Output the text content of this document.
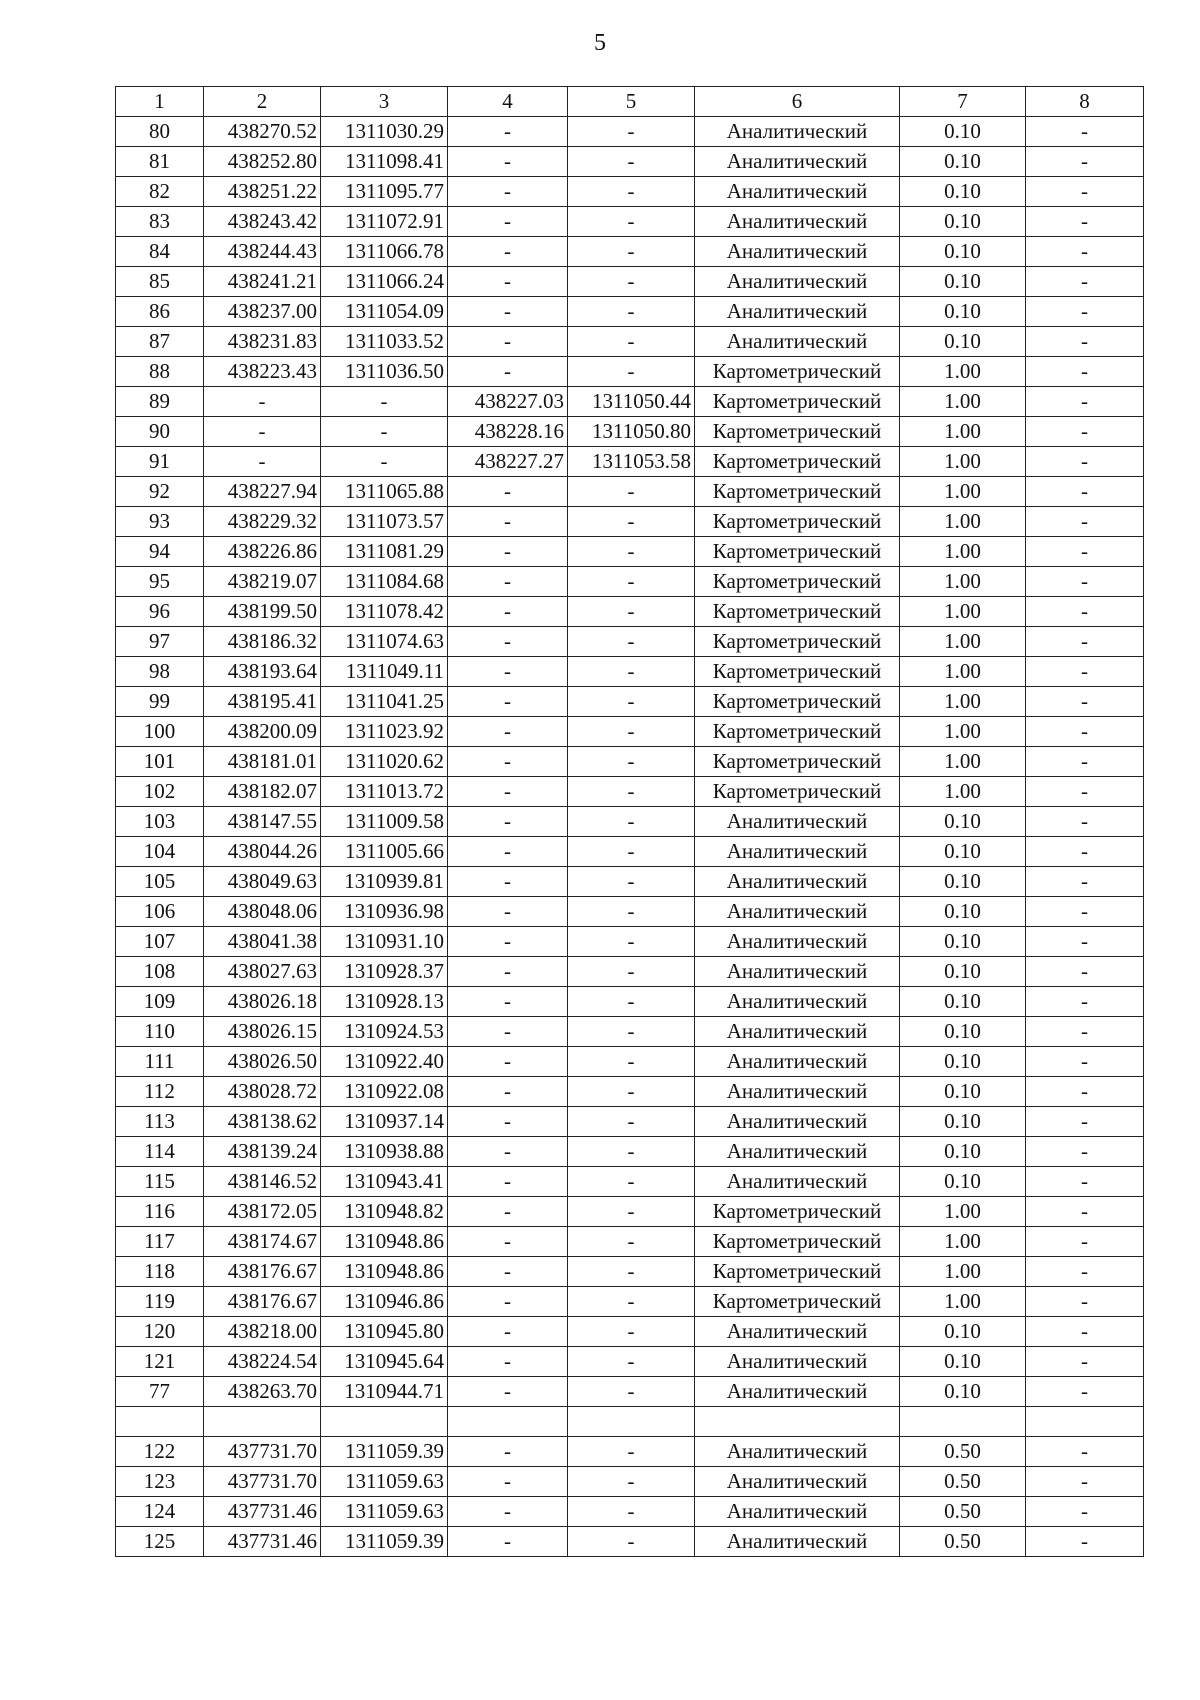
5
1	2	3	4	5	6	7	8
80	438270.52	1311030.29	-	-	Аналитический	0.10	-
81	438252.80	1311098.41	-	-	Аналитический	0.10	-
82	438251.22	1311095.77	-	-	Аналитический	0.10	-
83	438243.42	1311072.91	-	-	Аналитический	0.10	-
84	438244.43	1311066.78	-	-	Аналитический	0.10	-
85	438241.21	1311066.24	-	-	Аналитический	0.10	-
86	438237.00	1311054.09	-	-	Аналитический	0.10	-
87	438231.83	1311033.52	-	-	Аналитический	0.10	-
88	438223.43	1311036.50	-	-	Картометрический	1.00	-
89	-	-	438227.03	1311050.44	Картометрический	1.00	-
90	-	-	438228.16	1311050.80	Картометрический	1.00	-
91	-	-	438227.27	1311053.58	Картометрический	1.00	-
92	438227.94	1311065.88	-	-	Картометрический	1.00	-
93	438229.32	1311073.57	-	-	Картометрический	1.00	-
94	438226.86	1311081.29	-	-	Картометрический	1.00	-
95	438219.07	1311084.68	-	-	Картометрический	1.00	-
96	438199.50	1311078.42	-	-	Картометрический	1.00	-
97	438186.32	1311074.63	-	-	Картометрический	1.00	-
98	438193.64	1311049.11	-	-	Картометрический	1.00	-
99	438195.41	1311041.25	-	-	Картометрический	1.00	-
100	438200.09	1311023.92	-	-	Картометрический	1.00	-
101	438181.01	1311020.62	-	-	Картометрический	1.00	-
102	438182.07	1311013.72	-	-	Картометрический	1.00	-
103	438147.55	1311009.58	-	-	Аналитический	0.10	-
104	438044.26	1311005.66	-	-	Аналитический	0.10	-
105	438049.63	1310939.81	-	-	Аналитический	0.10	-
106	438048.06	1310936.98	-	-	Аналитический	0.10	-
107	438041.38	1310931.10	-	-	Аналитический	0.10	-
108	438027.63	1310928.37	-	-	Аналитический	0.10	-
109	438026.18	1310928.13	-	-	Аналитический	0.10	-
110	438026.15	1310924.53	-	-	Аналитический	0.10	-
111	438026.50	1310922.40	-	-	Аналитический	0.10	-
112	438028.72	1310922.08	-	-	Аналитический	0.10	-
113	438138.62	1310937.14	-	-	Аналитический	0.10	-
114	438139.24	1310938.88	-	-	Аналитический	0.10	-
115	438146.52	1310943.41	-	-	Аналитический	0.10	-
116	438172.05	1310948.82	-	-	Картометрический	1.00	-
117	438174.67	1310948.86	-	-	Картометрический	1.00	-
118	438176.67	1310948.86	-	-	Картометрический	1.00	-
119	438176.67	1310946.86	-	-	Картометрический	1.00	-
120	438218.00	1310945.80	-	-	Аналитический	0.10	-
121	438224.54	1310945.64	-	-	Аналитический	0.10	-
77	438263.70	1310944.71	-	-	Аналитический	0.10	-

122	437731.70	1311059.39	-	-	Аналитический	0.50	-
123	437731.70	1311059.63	-	-	Аналитический	0.50	-
124	437731.46	1311059.63	-	-	Аналитический	0.50	-
125	437731.46	1311059.39	-	-	Аналитический	0.50	-
